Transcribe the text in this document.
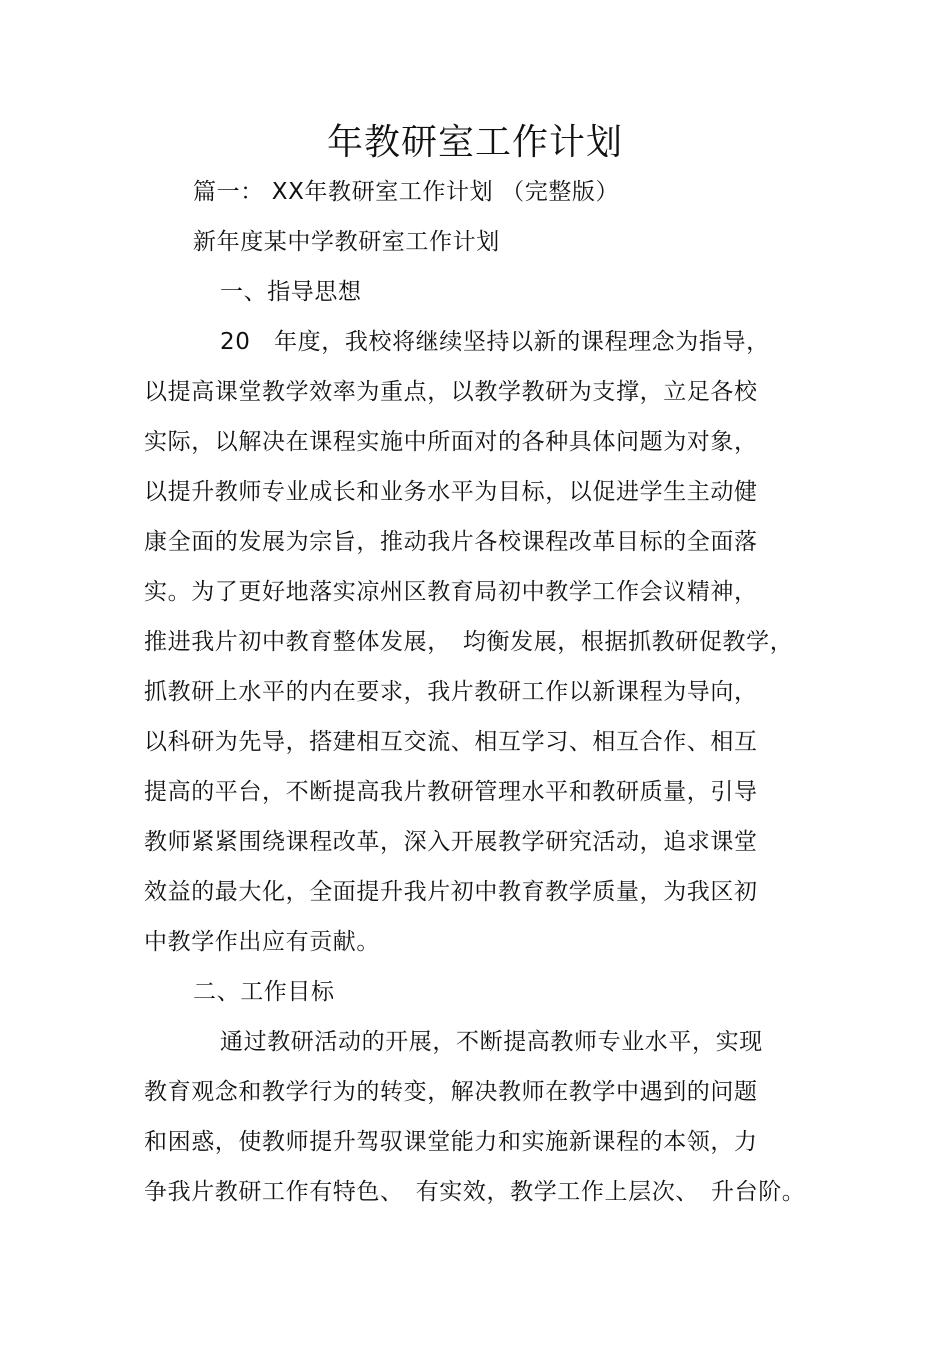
年教研室工作计划
篇一： XX年教研室工作计划 （完整版）
新年度某中学教研室工作计划
一、指导思想
20　年度，我校将继续坚持以新的课程理念为指导，
以提高课堂教学效率为重点，以教学教研为支撑，立足各校
实际，以解决在课程实施中所面对的各种具体问题为对象，
以提升教师专业成长和业务水平为目标，以促进学生主动健
康全面的发展为宗旨，推动我片各校课程改革目标的全面落
实。为了更好地落实凉州区教育局初中教学工作会议精神，
推进我片初中教育整体发展，　均衡发展，根据抓教研促教学，
抓教研上水平的内在要求，我片教研工作以新课程为导向，
以科研为先导，搭建相互交流、相互学习、相互合作、相互
提高的平台，不断提高我片教研管理水平和教研质量，引导
教师紧紧围绕课程改革，深入开展教学研究活动，追求课堂
效益的最大化，全面提升我片初中教育教学质量，为我区初
中教学作出应有贡献。
二、工作目标
通过教研活动的开展，不断提高教师专业水平，实现
教育观念和教学行为的转变，解决教师在教学中遇到的问题
和困惑，使教师提升驾驭课堂能力和实施新课程的本领，力
争我片教研工作有特色、　有实效，教学工作上层次、　升台阶。
